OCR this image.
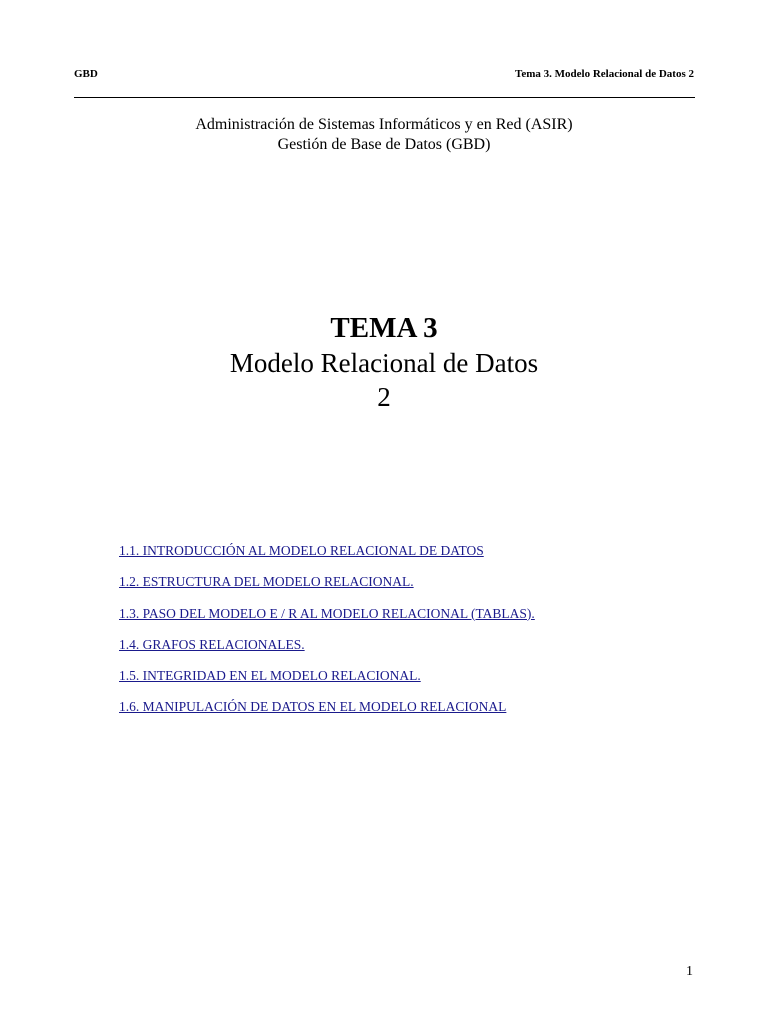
GBD	Tema 3. Modelo Relacional de Datos 2
Administración de Sistemas Informáticos y en Red (ASIR)
Gestión de Base de Datos (GBD)
TEMA 3
Modelo Relacional de Datos
2
1.1. INTRODUCCIÓN AL MODELO RELACIONAL DE DATOS
1.2. ESTRUCTURA DEL MODELO RELACIONAL.
1.3. PASO DEL MODELO E / R AL MODELO RELACIONAL (TABLAS).
1.4. GRAFOS RELACIONALES.
1.5. INTEGRIDAD EN EL MODELO RELACIONAL.
1.6. MANIPULACIÓN DE DATOS EN EL MODELO RELACIONAL
1
